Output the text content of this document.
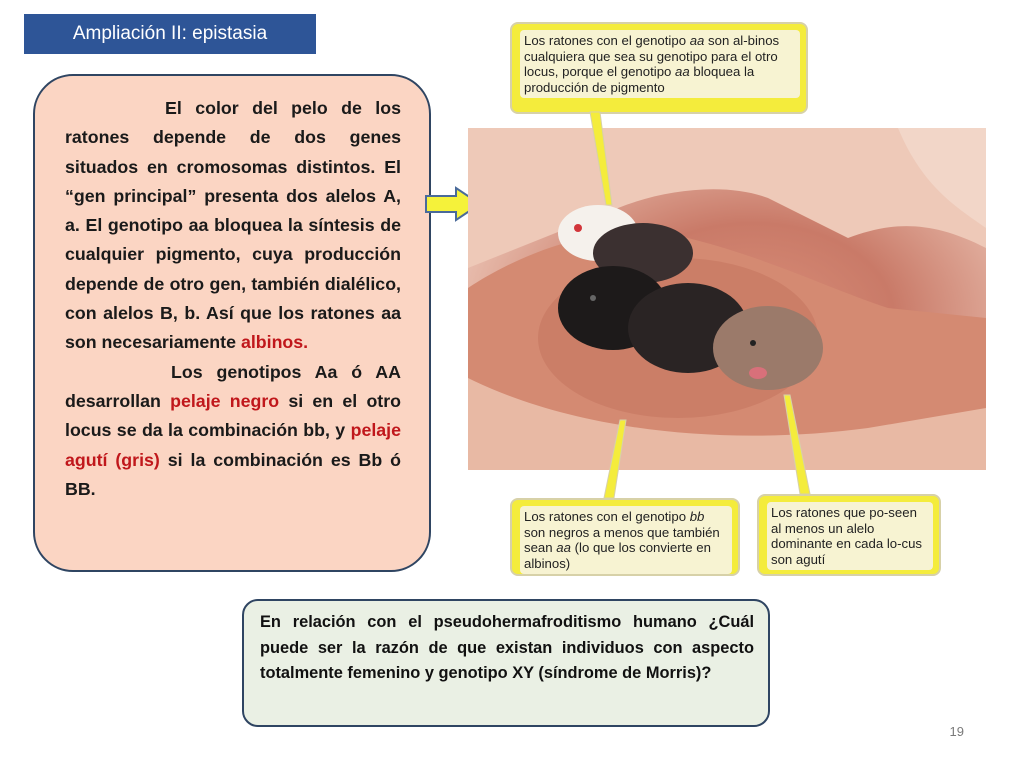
Ampliación II: epistasia

El color del pelo de los ratones depende de dos genes situados en cromosomas distintos. El “gen principal” presenta dos alelos A, a. El genotipo aa bloquea la síntesis de cualquier pigmento, cuya producción depende de otro gen, también dialélico, con alelos B, b. Así que los ratones aa son necesariamente albinos.

Los genotipos Aa ó AA desarrollan pelaje negro si en el otro locus se da la combinación bb, y pelaje agutí (gris) si la combinación es Bb ó BB.

Los ratones con el genotipo aa son al-binos cualquiera que sea su genotipo para el otro locus, porque el genotipo aa bloquea la producción de pigmento
Los ratones con el genotipo bb son negros a menos que también sean aa (lo que los convierte en albinos)
Los ratones que po-seen al menos un alelo dominante en cada lo-cus son agutí
En relación con el pseudohermafroditismo humano ¿Cuál puede ser la razón de que existan individuos con aspecto totalmente femenino y genotipo XY (síndrome de Morris)?
19
